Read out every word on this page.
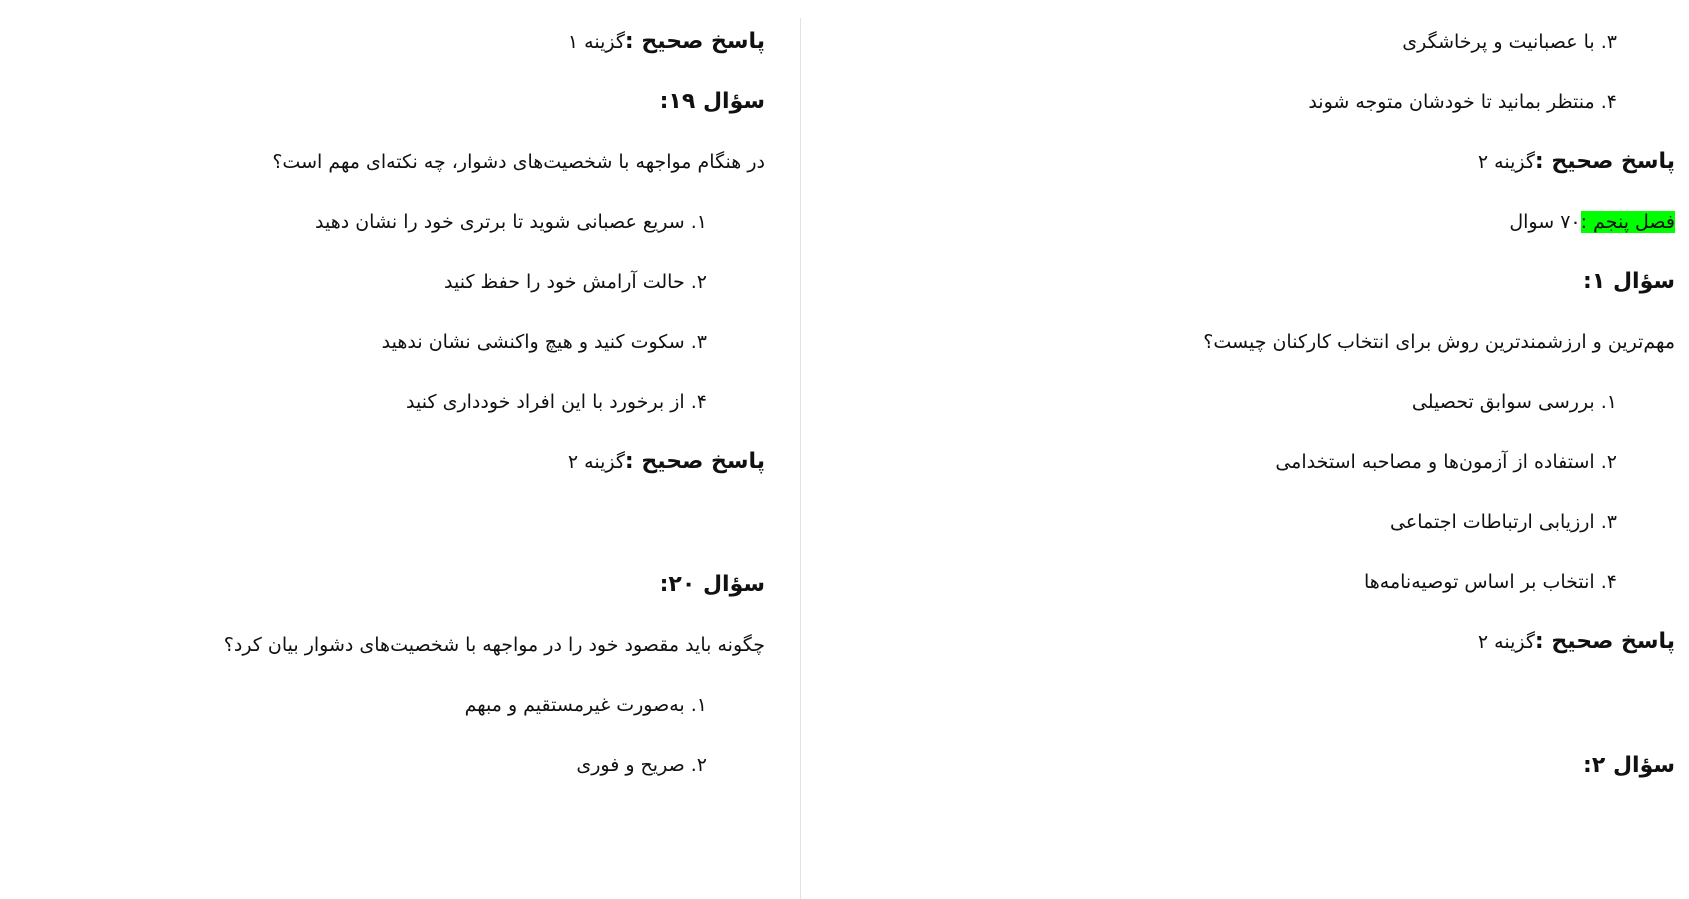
۳. با عصبانیت و پرخاشگری
۴. منتظر بمانید تا خودشان متوجه شوند
پاسخ صحیح :گزینه ۲
فصل پنجم :۷۰ سوال
سؤال ۱:
مهم‌ترین و ارزشمندترین روش برای انتخاب کارکنان چیست؟
۱. بررسی سوابق تحصیلی
۲. استفاده از آزمون‌ها و مصاحبه استخدامی
۳. ارزیابی ارتباطات اجتماعی
۴. انتخاب بر اساس توصیه‌نامه‌ها
پاسخ صحیح :گزینه ۲
سؤال ۲:
پاسخ صحیح :گزینه ۱
سؤال ۱۹:
در هنگام مواجهه با شخصیت‌های دشوار، چه نکته‌ای مهم است؟
۱. سریع عصبانی شوید تا برتری خود را نشان دهید
۲. حالت آرامش خود را حفظ کنید
۳. سکوت کنید و هیچ واکنشی نشان ندهید
۴. از برخورد با این افراد خودداری کنید
پاسخ صحیح :گزینه ۲
سؤال ۲۰:
چگونه باید مقصود خود را در مواجهه با شخصیت‌های دشوار بیان کرد؟
۱. به‌صورت غیرمستقیم و مبهم
۲. صریح و فوری
